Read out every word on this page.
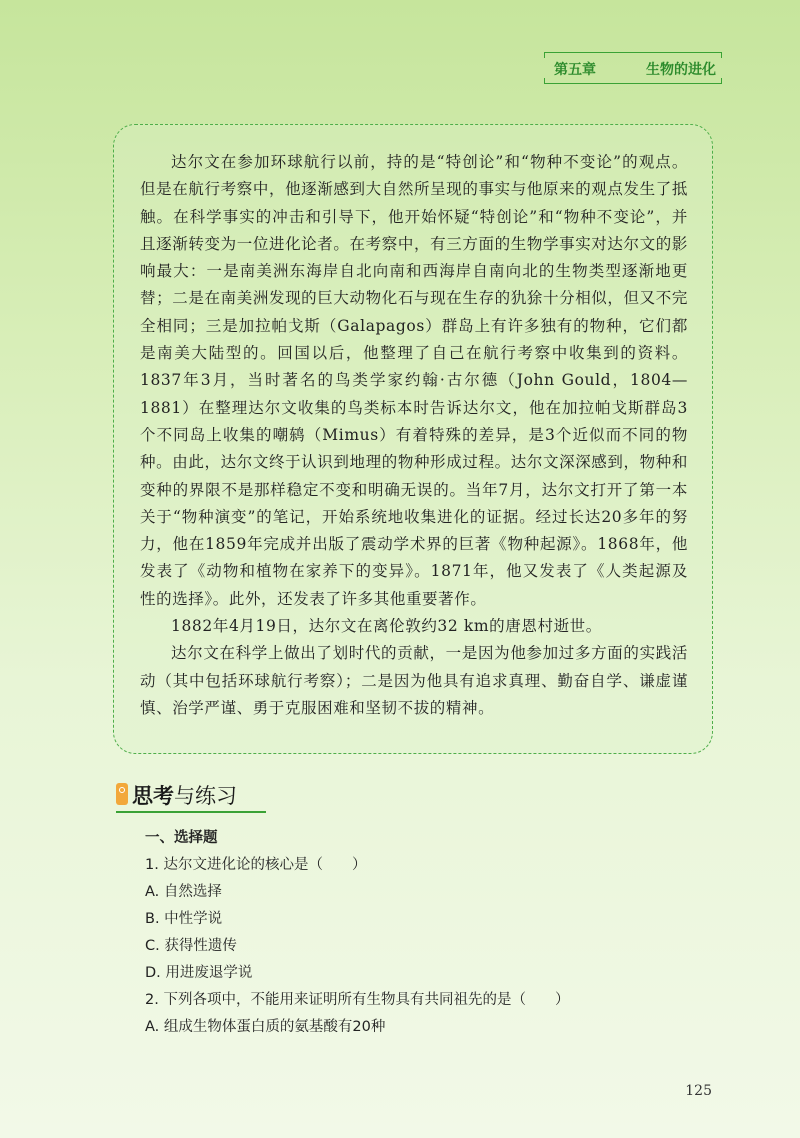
第五章	生物的进化

达尔文在参加环球航行以前，持的是“特创论”和“物种不变论”的观点。但是在航行考察中，他逐渐感到大自然所呈现的事实与他原来的观点发生了抵触。在科学事实的冲击和引导下，他开始怀疑“特创论”和“物种不变论”，并且逐渐转变为一位进化论者。在考察中，有三方面的生物学事实对达尔文的影响最大：一是南美洲东海岸自北向南和西海岸自南向北的生物类型逐渐地更替；二是在南美洲发现的巨大动物化石与现在生存的犰狳十分相似，但又不完全相同；三是加拉帕戈斯（Galapagos）群岛上有许多独有的物种，它们都是南美大陆型的。回国以后，他整理了自己在航行考察中收集到的资料。1837年3月，当时著名的鸟类学家约翰·古尔德（John Gould，1804—1881）在整理达尔文收集的鸟类标本时告诉达尔文，他在加拉帕戈斯群岛3个不同岛上收集的嘲鸫（Mimus）有着特殊的差异，是3个近似而不同的物种。由此，达尔文终于认识到地理的物种形成过程。达尔文深深感到，物种和变种的界限不是那样稳定不变和明确无误的。当年7月，达尔文打开了第一本关于“物种演变”的笔记，开始系统地收集进化的证据。经过长达20多年的努力，他在1859年完成并出版了震动学术界的巨著《物种起源》。1868年，他发表了《动物和植物在家养下的变异》。1871年，他又发表了《人类起源及性的选择》。此外，还发表了许多其他重要著作。

1882年4月19日，达尔文在离伦敦约32 km的唐恩村逝世。

达尔文在科学上做出了划时代的贡献，一是因为他参加过多方面的实践活动（其中包括环球航行考察）；二是因为他具有追求真理、勤奋自学、谦虚谨慎、治学严谨、勇于克服困难和坚韧不拔的精神。

思考与练习
一、选择题
1. 达尔文进化论的核心是（　　）
A. 自然选择
B. 中性学说
C. 获得性遗传
D. 用进废退学说
2. 下列各项中，不能用来证明所有生物具有共同祖先的是（　　）
A. 组成生物体蛋白质的氨基酸有20种
125
